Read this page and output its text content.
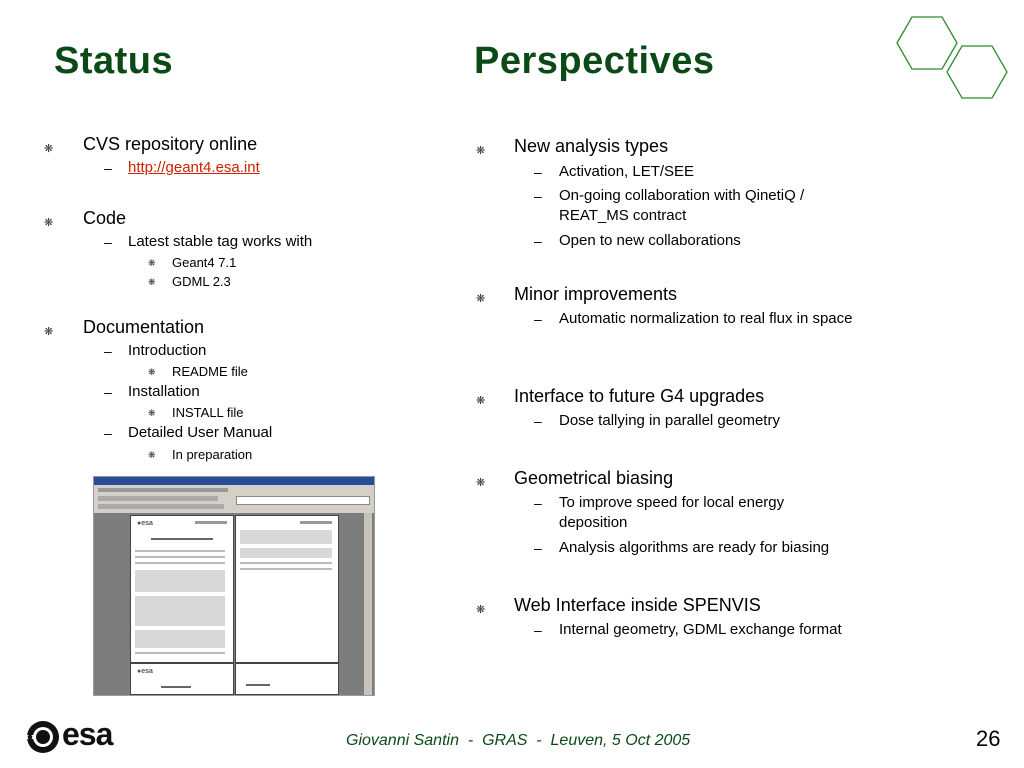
Status	Perspectives
❋ CVS repository online
– http://geant4.esa.int
❋ Code
– Latest stable tag works with
❋ Geant4 7.1
❋ GDML 2.3
❋ Documentation
– Introduction
❋ README file
– Installation
❋ INSTALL file
– Detailed User Manual
❋ In preparation
●esa
●esa
❋ New analysis types
– Activation, LET/SEE
– On-going collaboration with QinetiQ / REAT_MS contract
– Open to new collaborations
❋ Minor improvements
– Automatic normalization to real flux in space
❋ Interface to future G4 upgrades
– Dose tallying in parallel geometry
❋ Geometrical biasing
– To improve speed for local energy deposition
– Analysis algorithms are ready for biasing
❋ Web Interface inside SPENVIS
– Internal geometry, GDML exchange format
esa	Giovanni Santin  -  GRAS  -  Leuven, 5 Oct 2005	26
